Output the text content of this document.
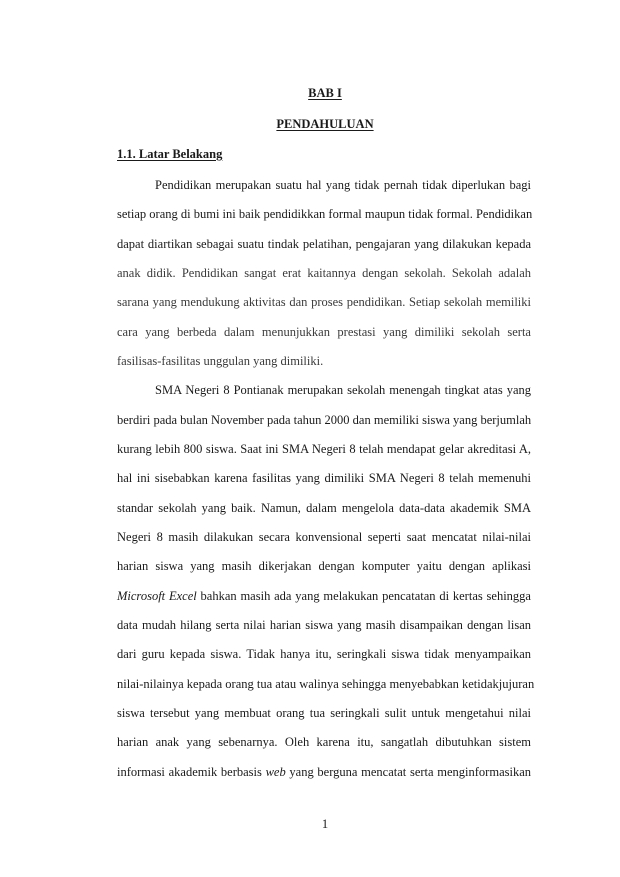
BAB I
PENDAHULUAN
1.1. Latar Belakang
Pendidikan merupakan suatu hal yang tidak pernah tidak diperlukan bagi
setiap orang di bumi ini baik pendidikkan formal maupun tidak formal. Pendidikan
dapat diartikan sebagai suatu tindak pelatihan, pengajaran yang dilakukan kepada
anak didik. Pendidikan sangat erat kaitannya dengan sekolah. Sekolah adalah
sarana yang mendukung aktivitas dan proses pendidikan. Setiap sekolah memiliki
cara yang berbeda dalam menunjukkan prestasi yang dimiliki sekolah serta
fasilisas-fasilitas unggulan yang dimiliki.
SMA Negeri 8 Pontianak merupakan sekolah menengah tingkat atas yang
berdiri pada bulan November pada tahun 2000 dan memiliki siswa yang berjumlah
kurang lebih 800 siswa. Saat ini SMA Negeri 8 telah mendapat gelar akreditasi A,
hal ini sisebabkan karena fasilitas yang dimiliki SMA Negeri 8 telah memenuhi
standar sekolah yang baik. Namun, dalam mengelola data-data akademik SMA
Negeri 8 masih dilakukan secara konvensional seperti saat mencatat nilai-nilai
harian siswa yang masih dikerjakan dengan komputer yaitu dengan aplikasi
Microsoft Excel bahkan masih ada yang melakukan pencatatan di kertas sehingga
data mudah hilang serta nilai harian siswa yang masih disampaikan dengan lisan
dari guru kepada siswa. Tidak hanya itu, seringkali siswa tidak menyampaikan
nilai-nilainya kepada orang tua atau walinya sehingga menyebabkan ketidakjujuran
siswa tersebut yang membuat orang tua seringkali sulit untuk mengetahui nilai
harian anak yang sebenarnya. Oleh karena itu, sangatlah dibutuhkan sistem
informasi akademik berbasis web yang berguna mencatat serta menginformasikan
1
